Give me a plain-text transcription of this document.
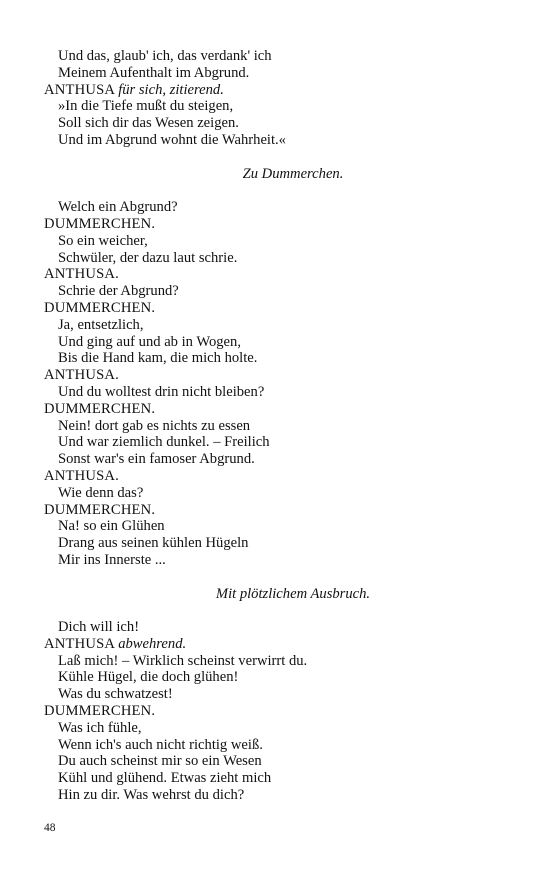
Und das, glaub' ich, das verdank' ich
Meinem Aufenthalt im Abgrund.
ANTHUSA für sich, zitierend.
»In die Tiefe mußt du steigen,
Soll sich dir das Wesen zeigen.
Und im Abgrund wohnt die Wahrheit.«
Zu Dummerchen.
Welch ein Abgrund?
DUMMERCHEN.
So ein weicher,
Schwüler, der dazu laut schrie.
ANTHUSA.
Schrie der Abgrund?
DUMMERCHEN.
Ja, entsetzlich,
Und ging auf und ab in Wogen,
Bis die Hand kam, die mich holte.
ANTHUSA.
Und du wolltest drin nicht bleiben?
DUMMERCHEN.
Nein! dort gab es nichts zu essen
Und war ziemlich dunkel. – Freilich
Sonst war's ein famoser Abgrund.
ANTHUSA.
Wie denn das?
DUMMERCHEN.
Na! so ein Glühen
Drang aus seinen kühlen Hügeln
Mir ins Innerste ...
Mit plötzlichem Ausbruch.
Dich will ich!
ANTHUSA abwehrend.
Laß mich! – Wirklich scheinst verwirrt du.
Kühle Hügel, die doch glühen!
Was du schwatzest!
DUMMERCHEN.
Was ich fühle,
Wenn ich's auch nicht richtig weiß.
Du auch scheinst mir so ein Wesen
Kühl und glühend. Etwas zieht mich
Hin zu dir. Was wehrst du dich?
48
